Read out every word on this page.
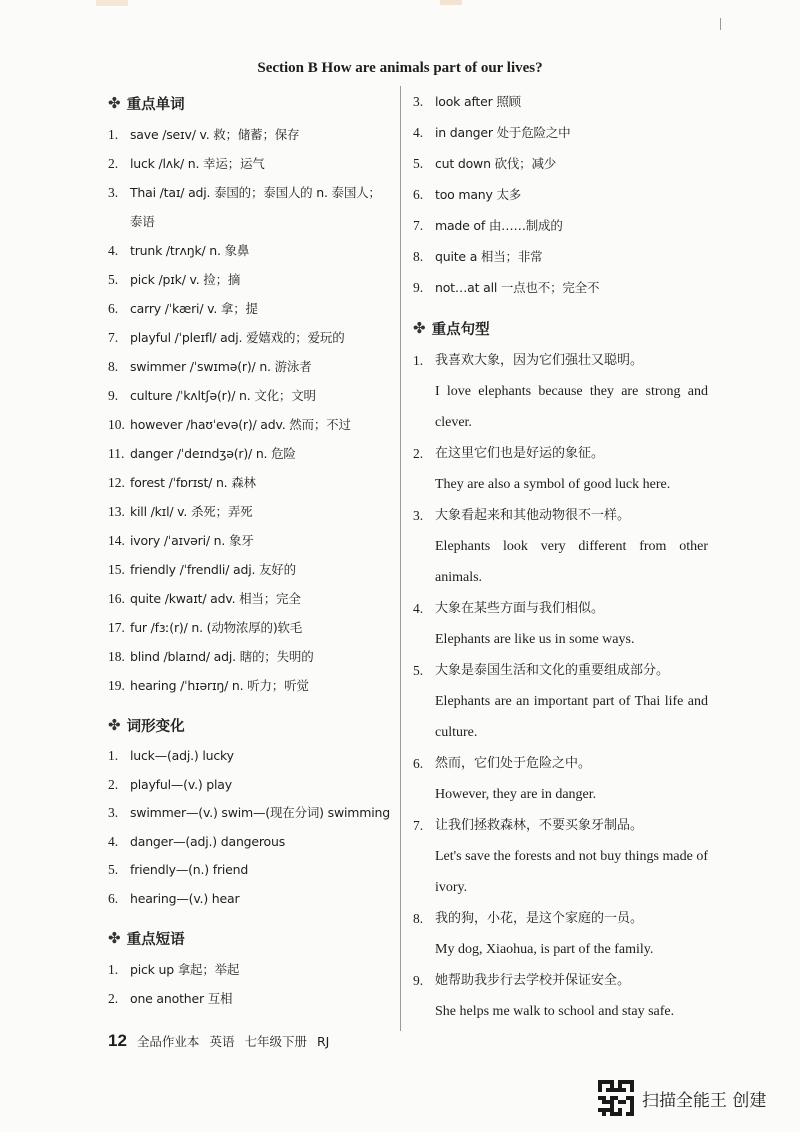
Section B How are animals part of our lives?
✤ 重点单词
1. save /seɪv/ v. 救；储蓄；保存
2. luck /lʌk/ n. 幸运；运气
3. Thai /taɪ/ adj. 泰国的；泰国人的 n. 泰国人；泰语
4. trunk /trʌŋk/ n. 象鼻
5. pick /pɪk/ v. 捡；摘
6. carry /ˈkæri/ v. 拿；提
7. playful /ˈpleɪfl/ adj. 爱嬉戏的；爱玩的
8. swimmer /ˈswɪmə(r)/ n. 游泳者
9. culture /ˈkʌltʃə(r)/ n. 文化；文明
10. however /haʊˈevə(r)/ adv. 然而；不过
11. danger /ˈdeɪndʒə(r)/ n. 危险
12. forest /ˈfɒrɪst/ n. 森林
13. kill /kɪl/ v. 杀死；弄死
14. ivory /ˈaɪvəri/ n. 象牙
15. friendly /ˈfrendli/ adj. 友好的
16. quite /kwaɪt/ adv. 相当；完全
17. fur /fɜː(r)/ n. (动物浓厚的)软毛
18. blind /blaɪnd/ adj. 瞎的；失明的
19. hearing /ˈhɪərɪŋ/ n. 听力；听觉
✤ 词形变化
1. luck—(adj.) lucky
2. playful—(v.) play
3. swimmer—(v.) swim—(现在分词) swimming
4. danger—(adj.) dangerous
5. friendly—(n.) friend
6. hearing—(v.) hear
✤ 重点短语
1. pick up 拿起；举起
2. one another 互相
3. look after 照顾
4. in danger 处于危险之中
5. cut down 砍伐；减少
6. too many 太多
7. made of 由……制成的
8. quite a 相当；非常
9. not…at all 一点也不；完全不
✤ 重点句型
1. 我喜欢大象，因为它们强壮又聪明。
I love elephants because they are strong and clever.
2. 在这里它们也是好运的象征。
They are also a symbol of good luck here.
3. 大象看起来和其他动物很不一样。
Elephants look very different from other animals.
4. 大象在某些方面与我们相似。
Elephants are like us in some ways.
5. 大象是泰国生活和文化的重要组成部分。
Elephants are an important part of Thai life and culture.
6. 然而，它们处于危险之中。
However, they are in danger.
7. 让我们拯救森林，不要买象牙制品。
Let's save the forests and not buy things made of ivory.
8. 我的狗，小花，是这个家庭的一员。
My dog, Xiaohua, is part of the family.
9. 她帮助我步行去学校并保证安全。
She helps me walk to school and stay safe.
12 全品作业本 英语 七年级下册 RJ
扫描全能王 创建
